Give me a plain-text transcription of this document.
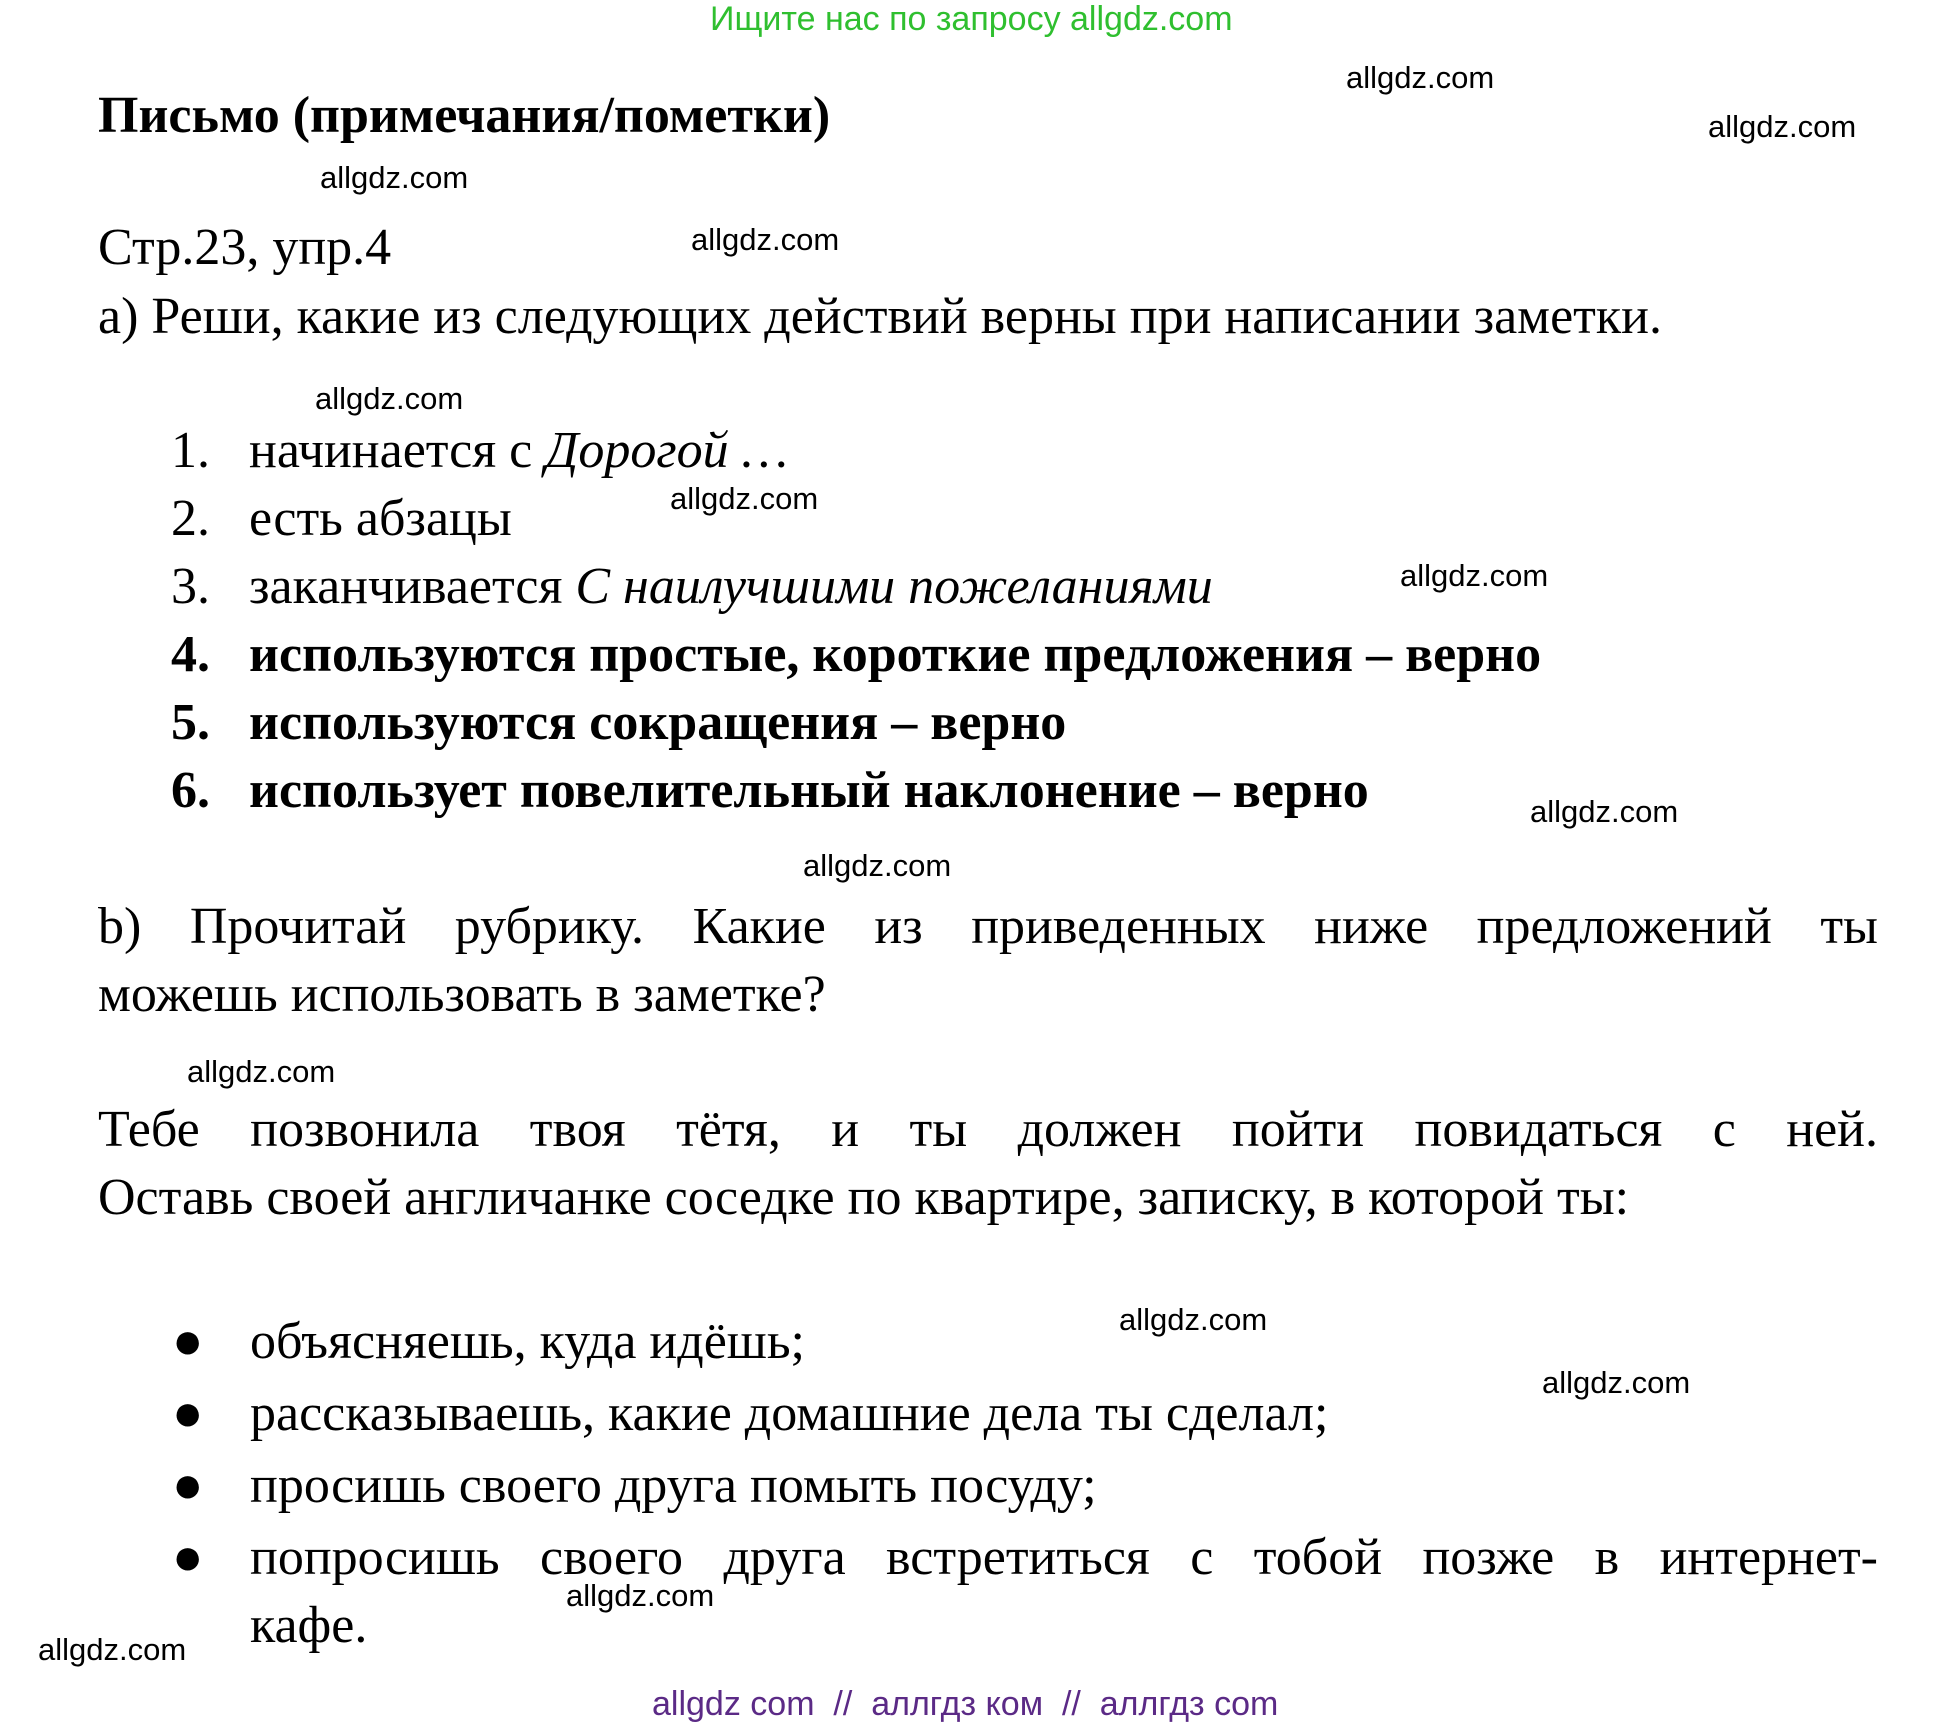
Ищите нас по запросу allgdz.com
Письмо (примечания/пометки)
Стр.23, упр.4
a) Реши, какие из следующих действий верны при написании заметки.
1. начинается с Дорогой …
2. есть абзацы
3. заканчивается С наилучшими пожеланиями
4. используются простые, короткие предложения – верно
5. используются сокращения – верно
6. использует повелительный наклонение – верно
b) Прочитай рубрику. Какие из приведенных ниже предложений ты
можешь использовать в заметке?
Тебе позвонила твоя тётя, и ты должен пойти повидаться с ней.
Оставь своей англичанке соседке по квартире, записку, в которой ты:
● объясняешь, куда идёшь;
● рассказываешь, какие домашние дела ты сделал;
● просишь своего друга помыть посуду;
● попросишь своего друга встретиться с тобой позже в интернет-
кафе.
allgdz.com
allgdz.com
allgdz.com
allgdz.com
allgdz.com
allgdz.com
allgdz.com
allgdz.com
allgdz.com
allgdz.com
allgdz.com
allgdz.com
allgdz.com
allgdz.com
allgdz com  //  аллгдз ком  //  аллгдз com
